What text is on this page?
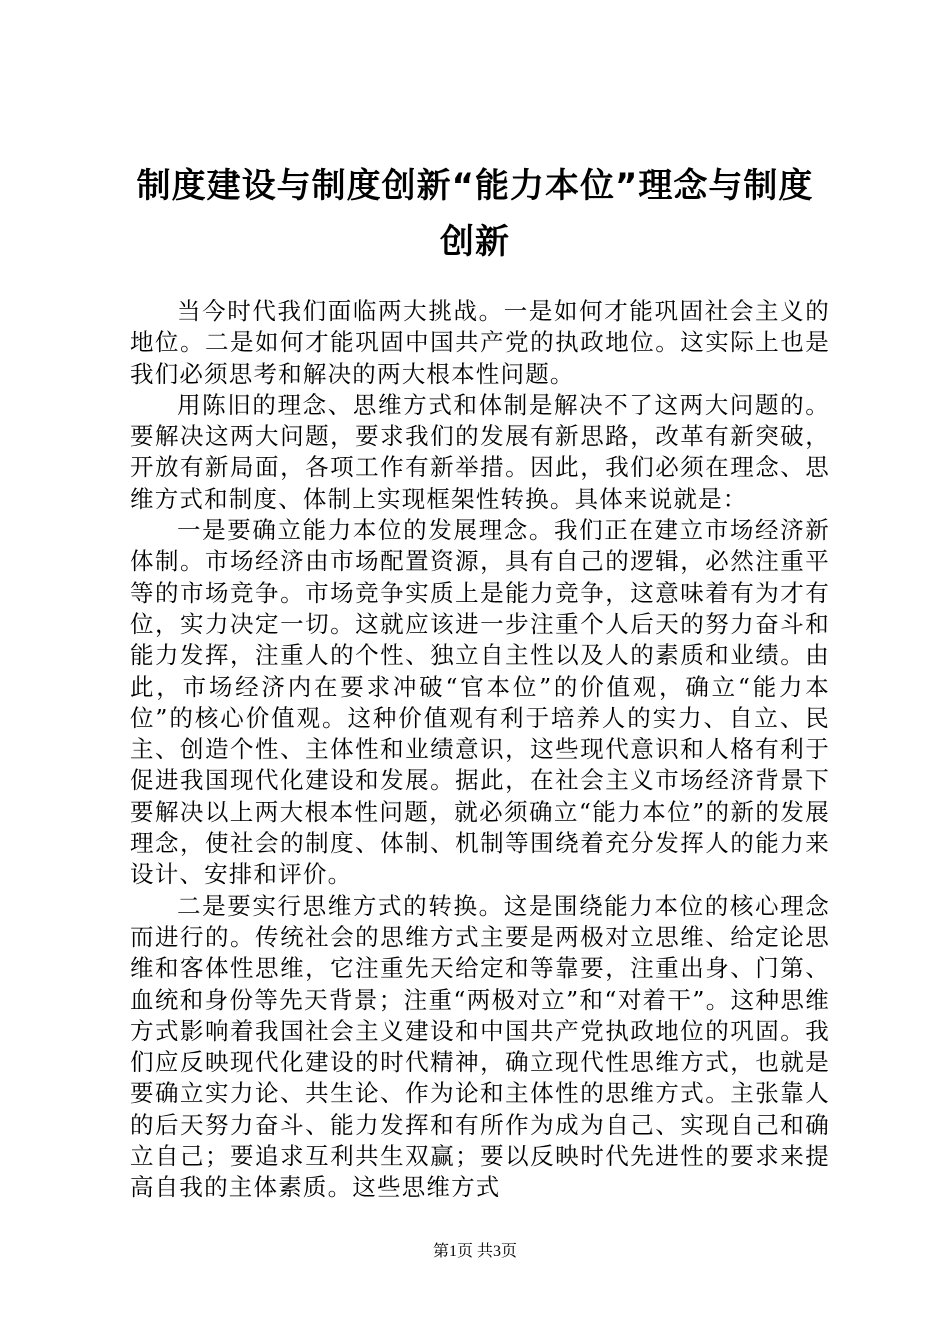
制度建设与制度创新“能力本位”理念与制度创新

当今时代我们面临两大挑战。一是如何才能巩固社会主义的地位。二是如何才能巩固中国共产党的执政地位。这实际上也是我们必须思考和解决的两大根本性问题。

用陈旧的理念、思维方式和体制是解决不了这两大问题的。要解决这两大问题，要求我们的发展有新思路，改革有新突破，开放有新局面，各项工作有新举措。因此，我们必须在理念、思维方式和制度、体制上实现框架性转换。具体来说就是：

一是要确立能力本位的发展理念。我们正在建立市场经济新体制。市场经济由市场配置资源，具有自己的逻辑，必然注重平等的市场竞争。市场竞争实质上是能力竞争，这意味着有为才有位，实力决定一切。这就应该进一步注重个人后天的努力奋斗和能力发挥，注重人的个性、独立自主性以及人的素质和业绩。由此，市场经济内在要求冲破“官本位”的价值观，确立“能力本位”的核心价值观。这种价值观有利于培养人的实力、自立、民主、创造个性、主体性和业绩意识，这些现代意识和人格有利于促进我国现代化建设和发展。据此，在社会主义市场经济背景下要解决以上两大根本性问题，就必须确立“能力本位”的新的发展理念，使社会的制度、体制、机制等围绕着充分发挥人的能力来设计、安排和评价。

二是要实行思维方式的转换。这是围绕能力本位的核心理念而进行的。传统社会的思维方式主要是两极对立思维、给定论思维和客体性思维，它注重先天给定和等靠要，注重出身、门第、血统和身份等先天背景；注重“两极对立”和“对着干”。这种思维方式影响着我国社会主义建设和中国共产党执政地位的巩固。我们应反映现代化建设的时代精神，确立现代性思维方式，也就是要确立实力论、共生论、作为论和主体性的思维方式。主张靠人的后天努力奋斗、能力发挥和有所作为成为自己、实现自己和确立自己；要追求互利共生双赢；要以反映时代先进性的要求来提高自我的主体素质。这些思维方式

第1页 共3页
